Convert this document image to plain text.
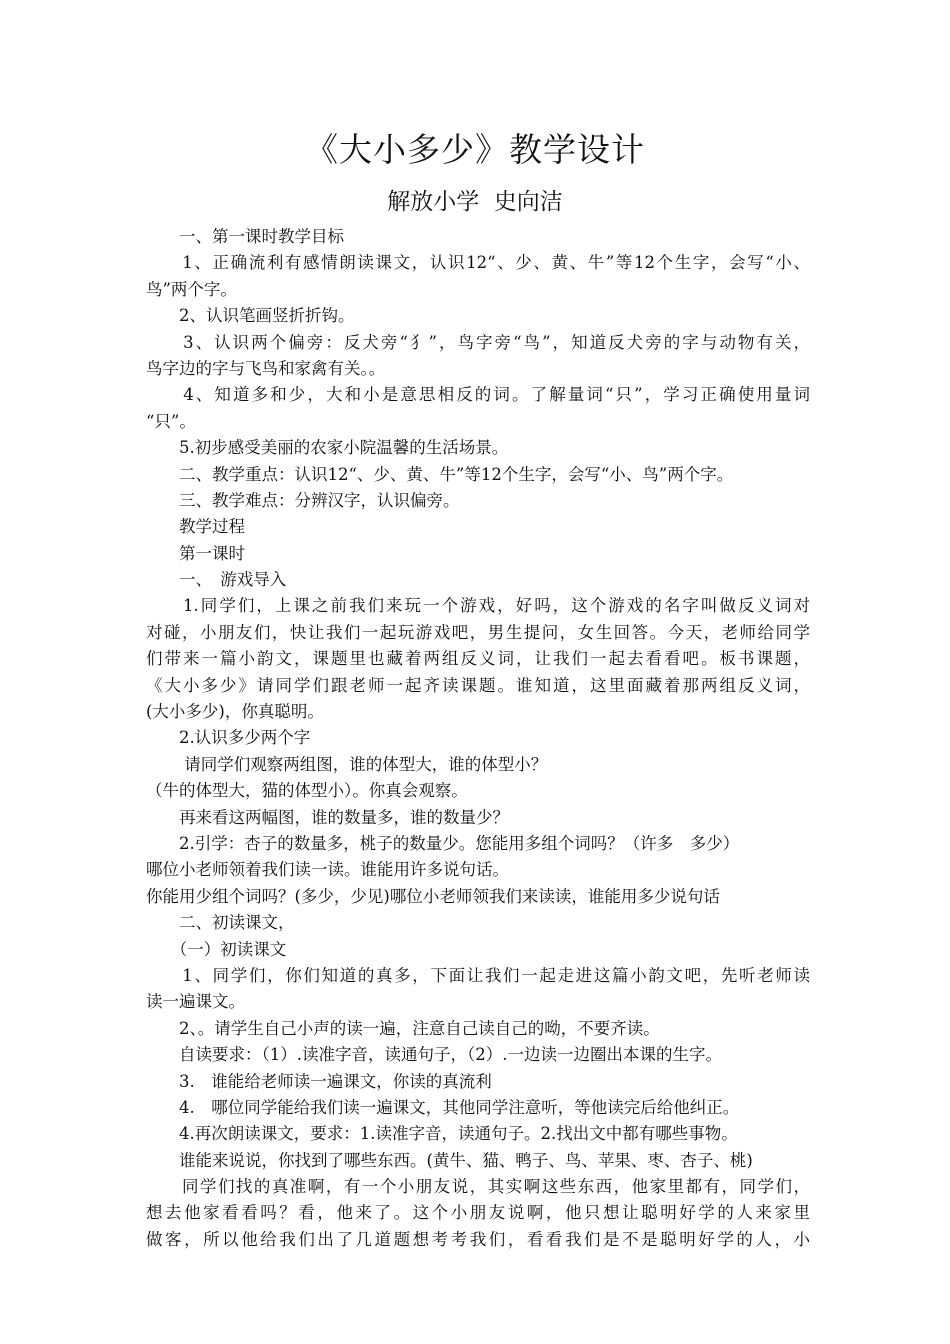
《大小多少》教学设计
解放小学  史向洁
　　一、第一课时教学目标
　　1、正确流利有感情朗读课文，认识12“、少、黄、牛”等12个生字，会写“小、
鸟”两个字。
　　2、认识笔画竖折折钩。
　　3、认识两个偏旁：反犬旁“犭”，鸟字旁“鸟”，知道反犬旁的字与动物有关，
鸟字边的字与飞鸟和家禽有关。。
　　4、知道多和少，大和小是意思相反的词。了解量词“只”，学习正确使用量词
“只”。
　　5.初步感受美丽的农家小院温馨的生活场景。
　　二、教学重点：认识12“、少、黄、牛”等12个生字，会写“小、鸟”两个字。
　　三、教学难点：分辨汉字，认识偏旁。
　　教学过程
　　第一课时
　　一、　游戏导入
　　1.同学们，上课之前我们来玩一个游戏，好吗，这个游戏的名字叫做反义词对
对碰，小朋友们，快让我们一起玩游戏吧，男生提问，女生回答。今天，老师给同学
们带来一篇小韵文，课题里也藏着两组反义词，让我们一起去看看吧。板书课题，
《大小多少》请同学们跟老师一起齐读课题。谁知道，这里面藏着那两组反义词，
(大小多少)，你真聪明。
　　2.认识多少两个字
　　 请同学们观察两组图，谁的体型大，谁的体型小？
（牛的体型大，猫的体型小）。你真会观察。
　　再来看这两幅图，谁的数量多，谁的数量少？
　　2.引学：杏子的数量多，桃子的数量少。您能用多组个词吗？（许多　多少）
哪位小老师领着我们读一读。谁能用许多说句话。
你能用少组个词吗？(多少，少见)哪位小老师领我们来读读，谁能用多少说句话
　　二、初读课文，
　　（一）初读课文
　　1、同学们，你们知道的真多，下面让我们一起走进这篇小韵文吧，先听老师读
读一遍课文。
　　2、。请学生自己小声的读一遍，注意自己读自己的呦，不要齐读。
　　自读要求：（1）.读准字音，读通句子，（2）.一边读一边圈出本课的生字。
　　3.　谁能给老师读一遍课文，你读的真流利
　　4.　哪位同学能给我们读一遍课文，其他同学注意听，等他读完后给他纠正。
　　4.再次朗读课文，要求：1.读准字音，读通句子。2.找出文中都有哪些事物。
　　谁能来说说，你找到了哪些东西。(黄牛、猫、鸭子、鸟、苹果、枣、杏子、桃)
　　同学们找的真准啊，有一个小朋友说，其实啊这些东西，他家里都有，同学们，
想去他家看看吗？看，他来了。这个小朋友说啊，他只想让聪明好学的人来家里
做客，所以他给我们出了几道题想考考我们，看看我们是不是聪明好学的人，小
